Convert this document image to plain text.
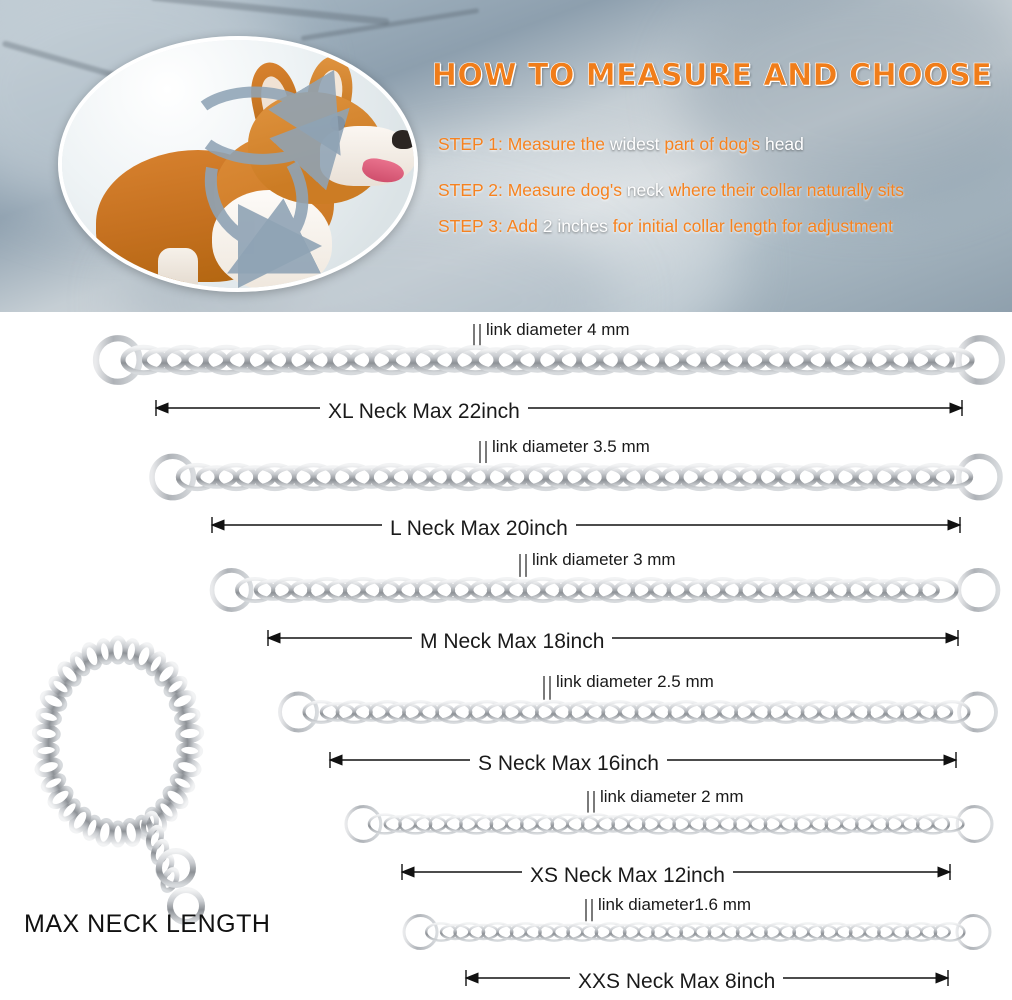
HOW TO MEASURE AND CHOOSE
STEP 1: Measure the widest part of dog's head
STEP 2: Measure dog's neck where their collar naturally sits
STEP 3: Add 2 inches for initial collar length for adjustment
MAX NECK LENGTH
link diameter 4 mm
XL Neck Max 22inch
link diameter 3.5 mm
L Neck Max 20inch
link diameter 3 mm
M Neck Max 18inch
link diameter 2.5 mm
S Neck Max 16inch
link diameter 2 mm
XS Neck Max 12inch
link diameter1.6 mm
XXS Neck Max 8inch
